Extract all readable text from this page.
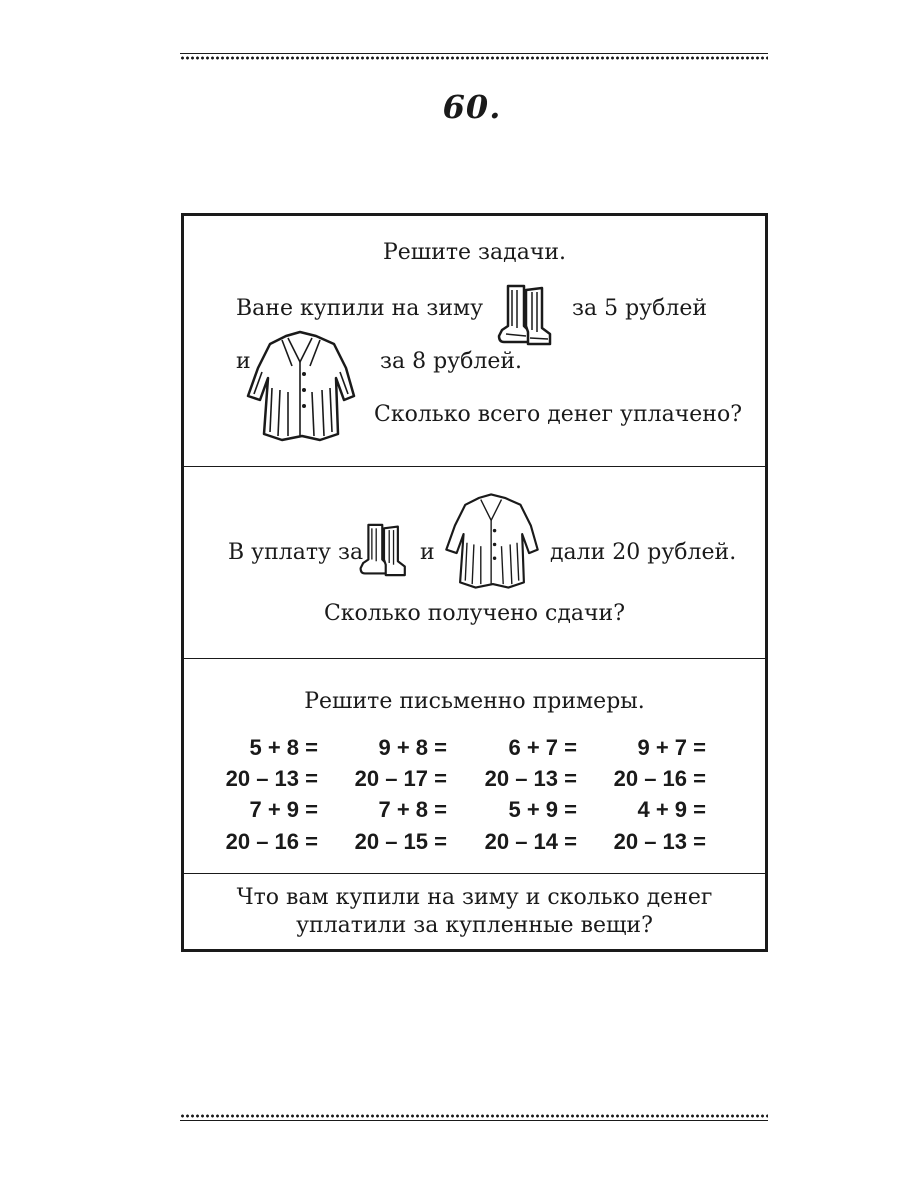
60.
Решите задачи.
Ване купили на зиму	за 5 рублей
и	за 8 рублей.
Сколько всего денег уплачено?
В уплату за	и	дали 20 рублей.
Сколько получено сдачи?
Решите письменно примеры.
5 + 8 =	9 + 8 =	6 + 7 =	9 + 7 =
20 – 13 =	20 – 17 =	20 – 13 =	20 – 16 =
7 + 9 =	7 + 8 =	5 + 9 =	4 + 9 =
20 – 16 =	20 – 15 =	20 – 14 =	20 – 13 =
Что вам купили на зиму и сколько денег
уплатили за купленные вещи?
